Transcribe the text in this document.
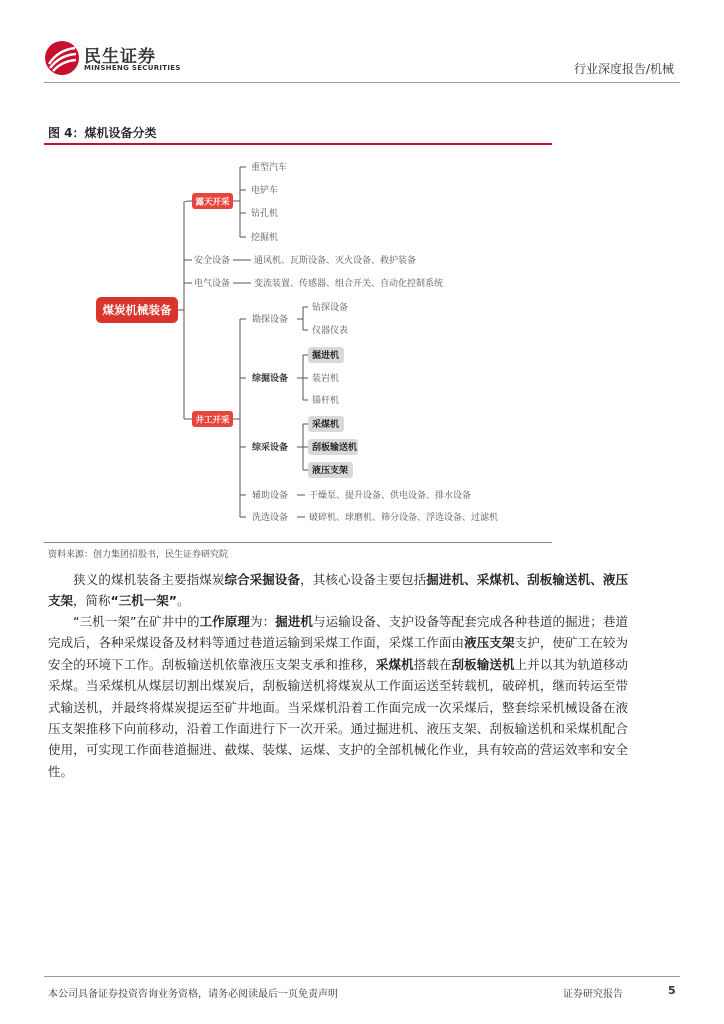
民生证券
MINSHENG SECURITIES	行业深度报告/机械
图 4：煤机设备分类
煤炭机械装备
露天开采
重型汽车
电铲车
钻孔机
挖掘机
安全设备	通风机、瓦斯设备、灭火设备、救护装备
电气设备	变流装置、传感器、组合开关、自动化控制系统
井工开采
勘探设备
钻探设备
仪器仪表
综掘设备
掘进机
装岩机
锚杆机
综采设备
采煤机
刮板输送机
液压支架
辅助设备 干燥泵、提升设备、供电设备、排水设备
洗选设备 破碎机、球磨机、筛分设备、浮选设备、过滤机
资料来源：创力集团招股书，民生证券研究院
狭义的煤机装备主要指煤炭综合采掘设备，其核心设备主要包括掘进机、采煤机、刮板输送机、液压支架，简称“三机一架”。
“三机一架”在矿井中的工作原理为：掘进机与运输设备、支护设备等配套完成各种巷道的掘进；巷道完成后，各种采煤设备及材料等通过巷道运输到采煤工作面，采煤工作面由液压支架支护，使矿工在较为安全的环境下工作。刮板输送机依靠液压支架支承和推移，采煤机搭载在刮板输送机上并以其为轨道移动采煤。当采煤机从煤层切割出煤炭后，刮板输送机将煤炭从工作面运送至转载机，破碎机，继而转运至带式输送机，并最终将煤炭提运至矿井地面。当采煤机沿着工作面完成一次采煤后，整套综采机械设备在液压支架推移下向前移动，沿着工作面进行下一次开采。通过掘进机、液压支架、刮板输送机和采煤机配合使用，可实现工作面巷道掘进、截煤、装煤、运煤、支护的全部机械化作业，具有较高的营运效率和安全性。
本公司具备证券投资咨询业务资格，请务必阅读最后一页免责声明	证券研究报告	5
